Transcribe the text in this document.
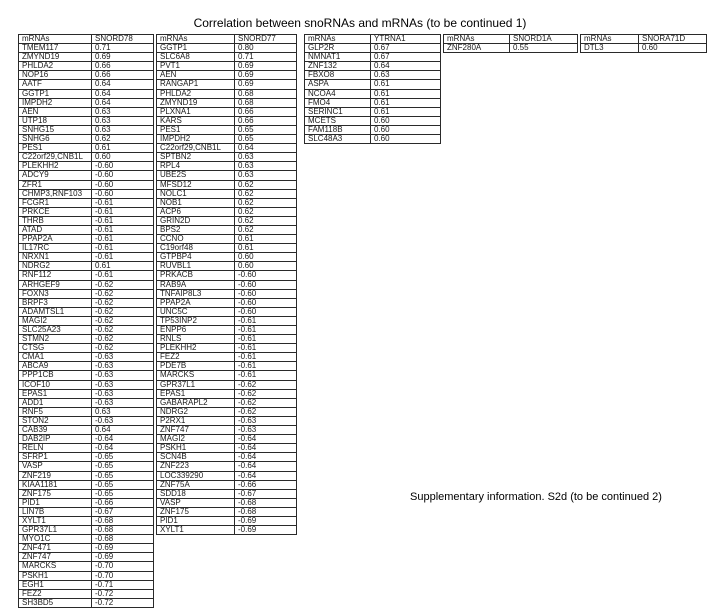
Correlation between snoRNAs and mRNAs (to be continued 1)
mRNAs	SNORD78
TMEM117	0.71
ZMYND19	0.69
PHLDA2	0.66
NOP16	0.66
AATF	0.64
GGTP1	0.64
IMPDH2	0.64
AEN	0.63
UTP18	0.63
SNHG15	0.63
SNHG6	0.62
PES1	0.61
C22orf29,CNB1L	0.60
PLEKHH2	-0.60
ADCY9	-0.60
ZFR1	-0.60
CHMP3,RNF103	-0.60
FCGR1	-0.61
PRKCE	-0.61
THRB	-0.61
ATAD	-0.61
PPAP2A	-0.61
IL17RC	-0.61
NRXN1	-0.61
NDRG2	0.61
RNF112	-0.61
ARHGEF9	-0.62
FOXN3	-0.62
BRPF3	-0.62
ADAMTSL1	-0.62
MAGI2	-0.62
SLC25A23	-0.62
STMN2	-0.62
CTSG	-0.62
CMA1	-0.63
ABCA9	-0.63
PPP1CB	-0.63
ICOF10	-0.63
EPAS1	-0.63
ADD1	-0.63
RNF5	0.63
STON2	-0.63
CAB39	0.64
DAB2IP	-0.64
RELN	-0.64
SFRP1	-0.65
VASP	-0.65
ZNF219	-0.65
KIAA1181	-0.65
ZNF175	-0.65
PID1	-0.66
LIN7B	-0.67
XYLT1	-0.68
GPR37L1	-0.68
MYO1C	-0.68
ZNF471	-0.69
ZNF747	-0.69
MARCKS	-0.70
PSKH1	-0.70
EGH1	-0.71
FEZ2	-0.72
SH3BD5	-0.72
mRNAs	SNORD77
GGTP1	0.80
SLC6A8	0.71
PVT1	0.69
AEN	0.69
RANGAP1	0.69
PHLDA2	0.68
ZMYND19	0.68
PLXNA1	0.66
KARS	0.66
PES1	0.65
IMPDH2	0.65
C22orf29,CNB1L	0.64
SPTBN2	0.63
RPL4	0.63
UBE2S	0.63
MFSD12	0.62
NOLC1	0.62
NOB1	0.62
ACP6	0.62
GRIN2D	0.62
BPS2	0.62
CCNO	0.61
C19orf48	0.61
GTPBP4	0.60
RUVBL1	0.60
PRKACB	-0.60
RAB9A	-0.60
TNFAIP8L3	-0.60
PPAP2A	-0.60
UNC5C	-0.60
TP53INP2	-0.61
ENPP6	-0.61
RNLS	-0.61
PLEKHH2	-0.61
FEZ2	-0.61
PDE7B	-0.61
MARCKS	-0.61
GPR37L1	-0.62
EPAS1	-0.62
GABARAPL2	-0.62
NDRG2	-0.62
P2RX1	-0.63
ZNF747	-0.63
MAGI2	-0.64
PSKH1	-0.64
SCN4B	-0.64
ZNF223	-0.64
LOC339290	-0.64
ZNF75A	-0.66
SDD18	-0.67
VASP	-0.68
ZNF175	-0.68
PID1	-0.69
XYLT1	-0.69
mRNAs	YTRNA1
GLP2R	0.67
NMNAT1	0.67
ZNF132	0.64
FBXO8	0.63
ASPA	0.61
NCOA4	0.61
FMO4	0.61
SERINC1	0.61
MCETS	0.60
FAM118B	0.60
SLC48A3	0.60
mRNAs	SNORD1A
ZNF280A	0.55
mRNAs	SNORA71D
DTL3	0.60
Supplementary information. S2d (to be continued 2)
